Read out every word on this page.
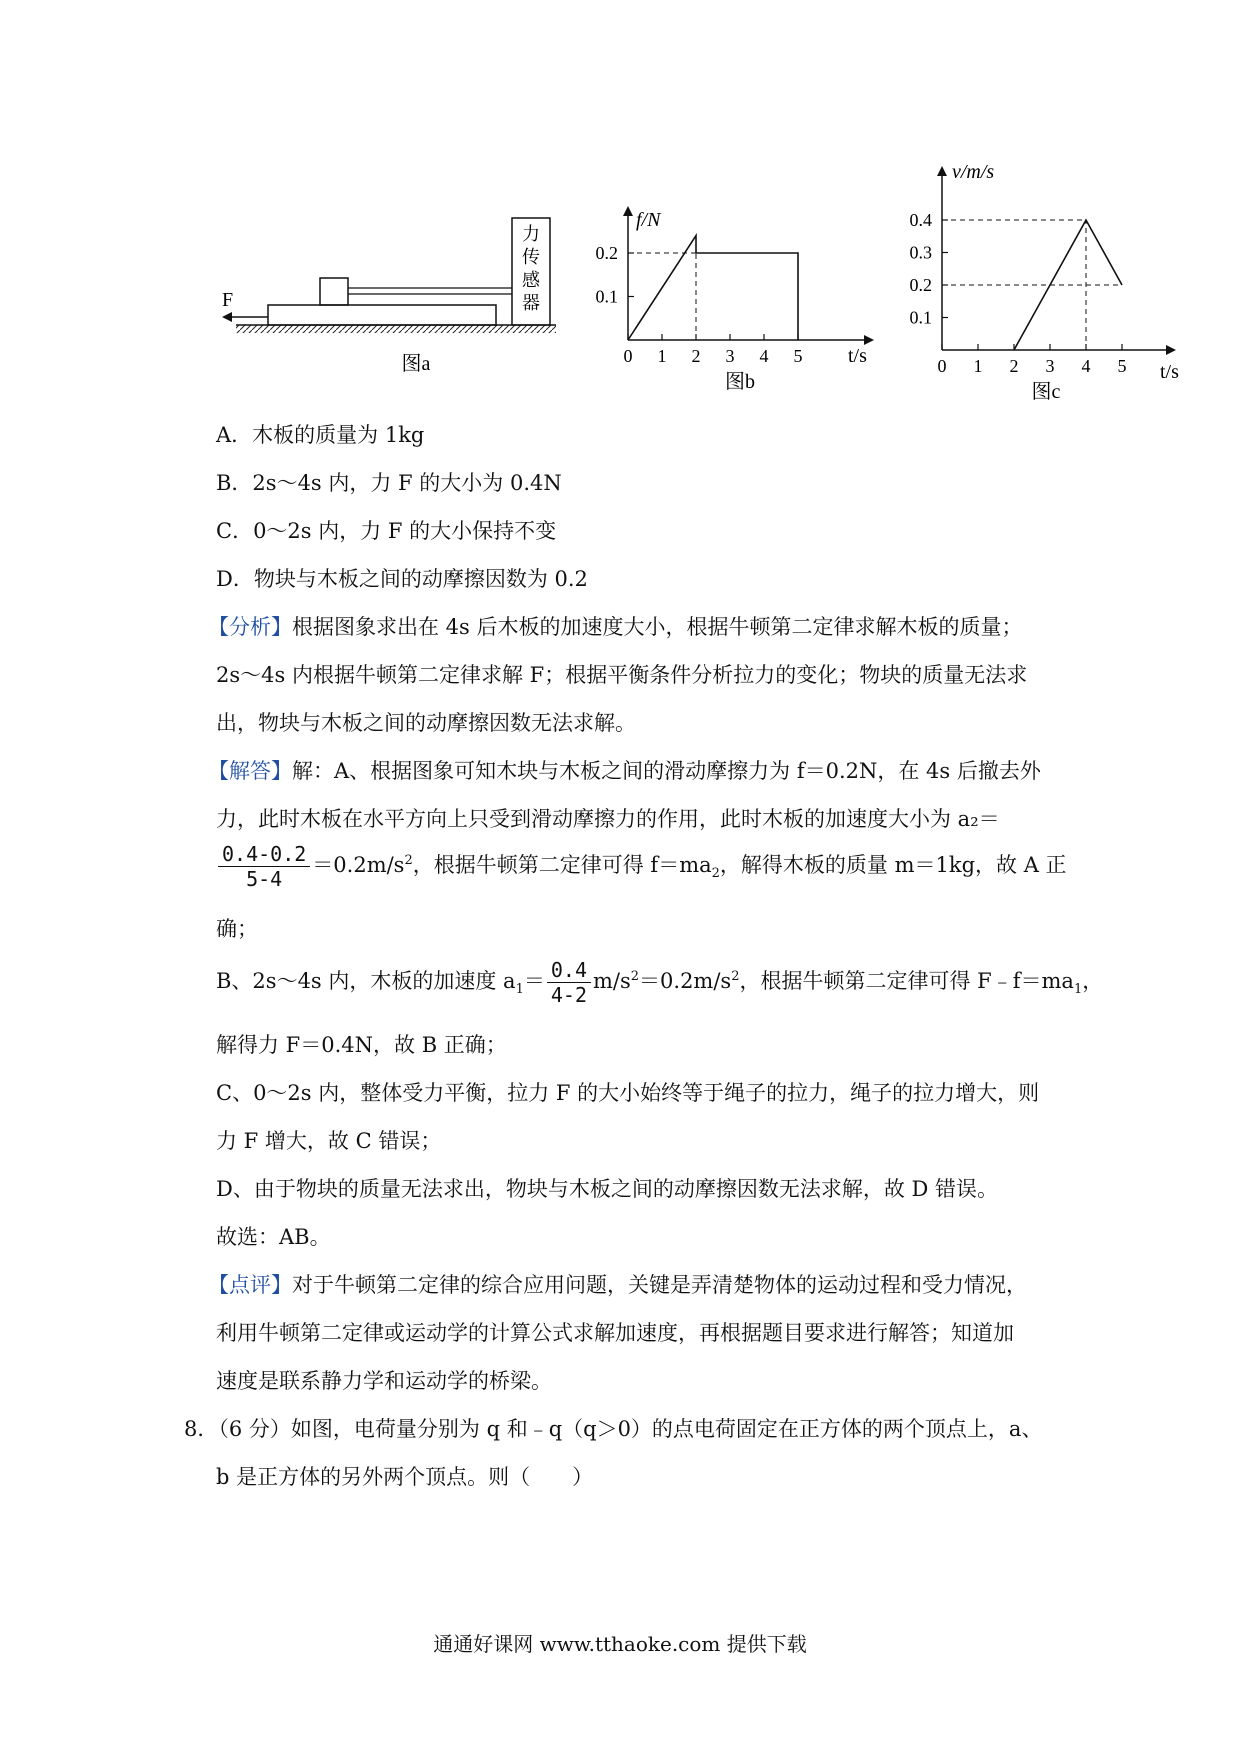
力
传
感
器
F
图a
f/N
t/s
图b
0 1 2 3 4 5
0.1
0.2
v/m/s
t/s
图c
0 1 2 3 4 5
0.1
0.2
0.3
0.4
A．木板的质量为 1kg
B．2s～4s 内，力 F 的大小为 0.4N
C．0～2s 内，力 F 的大小保持不变
D．物块与木板之间的动摩擦因数为 0.2
【分析】根据图象求出在 4s 后木板的加速度大小，根据牛顿第二定律求解木板的质量；
2s～4s 内根据牛顿第二定律求解 F；根据平衡条件分析拉力的变化；物块的质量无法求
出，物块与木板之间的动摩擦因数无法求解。
【解答】解：A、根据图象可知木块与木板之间的滑动摩擦力为 f＝0.2N，在 4s 后撤去外
力，此时木板在水平方向上只受到滑动摩擦力的作用，此时木板的加速度大小为 a₂＝
$\frac{0.4-0.2}{5-4} =0.2m/s^2$，根据牛顿第二定律可得 $f=ma_2$，解得木板的质量 m＝1kg，故 A 正
确；
B、2s～4s 内，木板的加速度 $a_1= \frac{0.4}{4-2} m/s^2=0.2m/s^2$，根据牛顿第二定律可得 $F﹣f=ma_1$，
解得力 F＝0.4N，故 B 正确；
C、0～2s 内，整体受力平衡，拉力 F 的大小始终等于绳子的拉力，绳子的拉力增大，则
力 F 增大，故 C 错误；
D、由于物块的质量无法求出，物块与木板之间的动摩擦因数无法求解，故 D 错误。
故选：AB。
【点评】对于牛顿第二定律的综合应用问题，关键是弄清楚物体的运动过程和受力情况，
利用牛顿第二定律或运动学的计算公式求解加速度，再根据题目要求进行解答；知道加
速度是联系静力学和运动学的桥梁。
8．（6 分）如图，电荷量分别为 q 和﹣q（q＞0）的点电荷固定在正方体的两个顶点上，a、
b 是正方体的另外两个顶点。则（　　）
通通好课网 www.tthaoke.com 提供下载
